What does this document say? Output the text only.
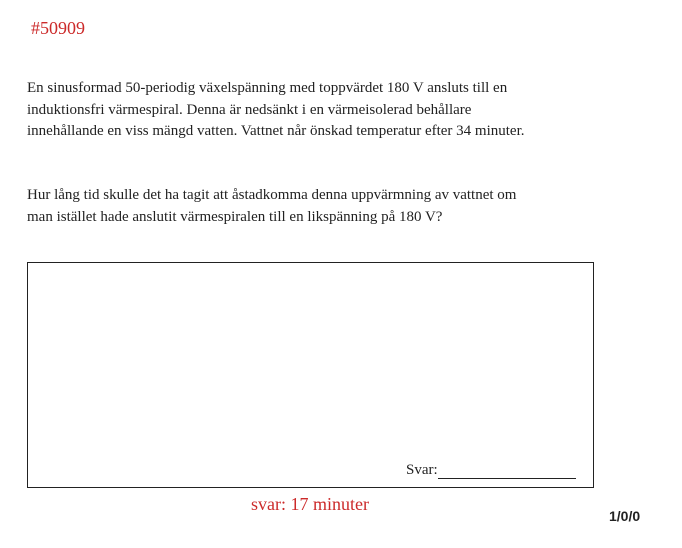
#50909

En sinusformad 50-periodig växelspänning med toppvärdet 180 V ansluts till en
induktionsfri värmespiral. Denna är nedsänkt i en värmeisolerad behållare
innehållande en viss mängd vatten. Vattnet når önskad temperatur efter 34 minuter.

Hur lång tid skulle det ha tagit att åstadkomma denna uppvärmning av vattnet om
man istället hade anslutit värmespiralen till en likspänning på 180 V?

Svar:
svar: 17 minuter
1/0/0
